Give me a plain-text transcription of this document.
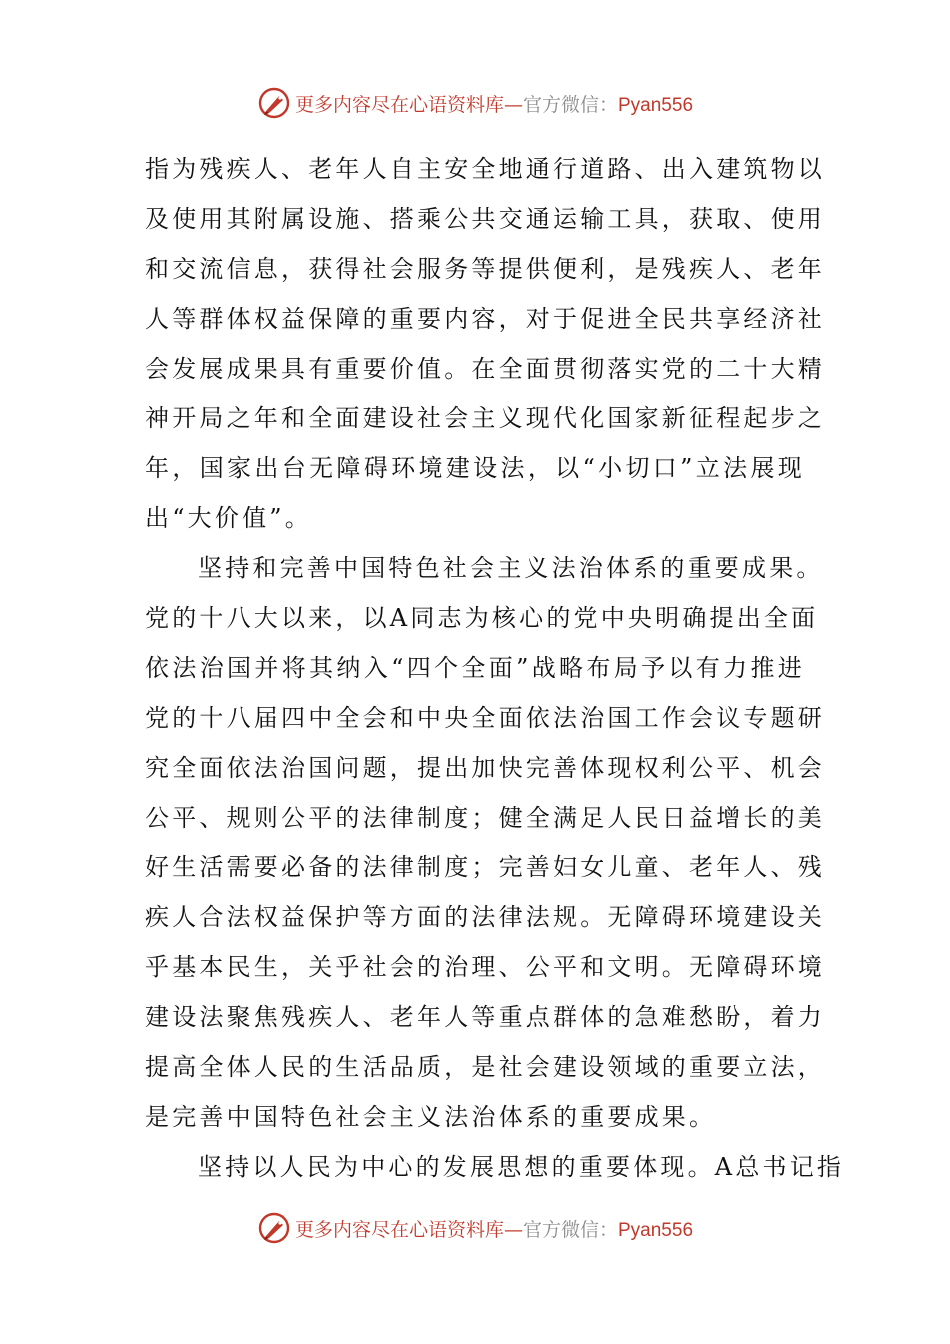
更多内容尽在心语资料库—官方微信：Pyan556
指为残疾人、老年人自主安全地通行道路、出入建筑物以
及使用其附属设施、搭乘公共交通运输工具，获取、使用
和交流信息，获得社会服务等提供便利，是残疾人、老年
人等群体权益保障的重要内容，对于促进全民共享经济社
会发展成果具有重要价值。在全面贯彻落实党的二十大精
神开局之年和全面建设社会主义现代化国家新征程起步之
年，国家出台无障碍环境建设法，以“小切口”立法展现
出“大价值”。
坚持和完善中国特色社会主义法治体系的重要成果。
党的十八大以来，以A同志为核心的党中央明确提出全面
依法治国并将其纳入“四个全面”战略布局予以有力推进
党的十八届四中全会和中央全面依法治国工作会议专题研
究全面依法治国问题，提出加快完善体现权利公平、机会
公平、规则公平的法律制度；健全满足人民日益增长的美
好生活需要必备的法律制度；完善妇女儿童、老年人、残
疾人合法权益保护等方面的法律法规。无障碍环境建设关
乎基本民生，关乎社会的治理、公平和文明。无障碍环境
建设法聚焦残疾人、老年人等重点群体的急难愁盼，着力
提高全体人民的生活品质，是社会建设领域的重要立法，
是完善中国特色社会主义法治体系的重要成果。
坚持以人民为中心的发展思想的重要体现。A总书记指
更多内容尽在心语资料库—官方微信：Pyan556
